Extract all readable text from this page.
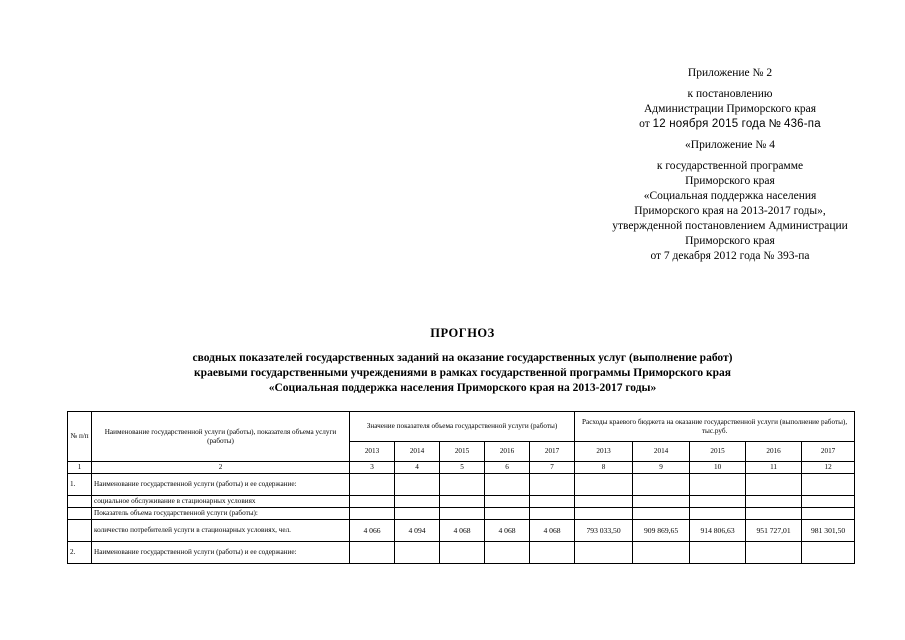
Приложение № 2
к постановлению
Администрации Приморского края
от 12 ноября 2015 года № 436-па
«Приложение № 4
к государственной программе
Приморского края
«Социальная поддержка населения
Приморского края на 2013-2017 годы»,
утвержденной постановлением Администрации
Приморского края
от 7 декабря 2012 года № 393-па
ПРОГНОЗ
сводных показателей государственных заданий на оказание государственных услуг (выполнение работ)
краевыми государственными учреждениями в рамках государственной программы Приморского края
«Социальная поддержка населения Приморского края на 2013-2017 годы»
№ п/п	Наименование государственной услуги (работы), показателя объема услуги (работы)	Значение показателя объема государственной услуги (работы)					Расходы краевого бюджета на оказание государственной услуги (выполнение работы), тыс.руб.				
		2013	2014	2015	2016	2017	2013	2014	2015	2016	2017
1	2	3	4	5	6	7	8	9	10	11	12
1.	Наименование государственной услуги (работы) и ее содержание:										
	социальное обслуживание в стационарных условиях										
	Показатель объема государственной услуги (работы):										
	количество потребителей услуги в стационарных условиях, чел.	4 066	4 094	4 068	4 068	4 068	793 033,50	909 869,65	914 806,63	951 727,01	981 301,50
2.	Наименование государственной услуги (работы) и ее содержание:										
